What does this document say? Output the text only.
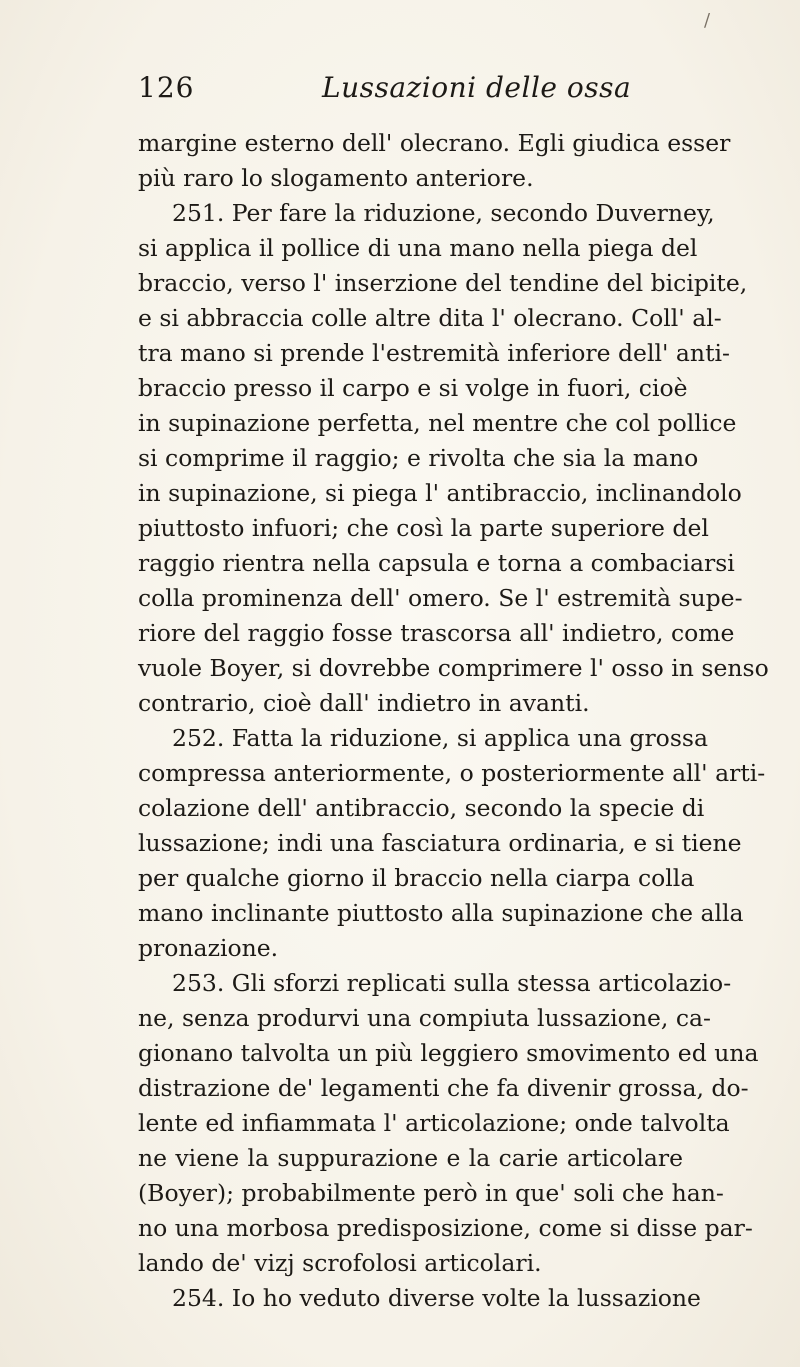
/
126	Lussazioni delle ossa
margine esterno dell' olecrano. Egli giudica esser
più raro lo slogamento anteriore.
251. Per fare la riduzione, secondo Duverney,
si applica il pollice di una mano nella piega del
braccio, verso l' inserzione del tendine del bicipite,
e si abbraccia colle altre dita l' olecrano. Coll' al-
tra mano si prende l'estremità inferiore dell' anti-
braccio presso il carpo e si volge in fuori, cioè
in supinazione perfetta, nel mentre che col pollice
si comprime il raggio; e rivolta che sia la mano
in supinazione, si piega l' antibraccio, inclinandolo
piuttosto infuori; che così la parte superiore del
raggio rientra nella capsula e torna a combaciarsi
colla prominenza dell' omero. Se l' estremità supe-
riore del raggio fosse trascorsa all' indietro, come
vuole Boyer, si dovrebbe comprimere l' osso in senso
contrario, cioè dall' indietro in avanti.
252. Fatta la riduzione, si applica una grossa
compressa anteriormente, o posteriormente all' arti-
colazione dell' antibraccio, secondo la specie di
lussazione; indi una fasciatura ordinaria, e si tiene
per qualche giorno il braccio nella ciarpa colla
mano inclinante piuttosto alla supinazione che alla
pronazione.
253. Gli sforzi replicati sulla stessa articolazio-
ne, senza produrvi una compiuta lussazione, ca-
gionano talvolta un più leggiero smovimento ed una
distrazione de' legamenti che fa divenir grossa, do-
lente ed infiammata l' articolazione; onde talvolta
ne viene la suppurazione e la carie articolare
(Boyer); probabilmente però in que' soli che han-
no una morbosa predisposizione, come si disse par-
lando de' vizj scrofolosi articolari.
254. Io ho veduto diverse volte la lussazione
